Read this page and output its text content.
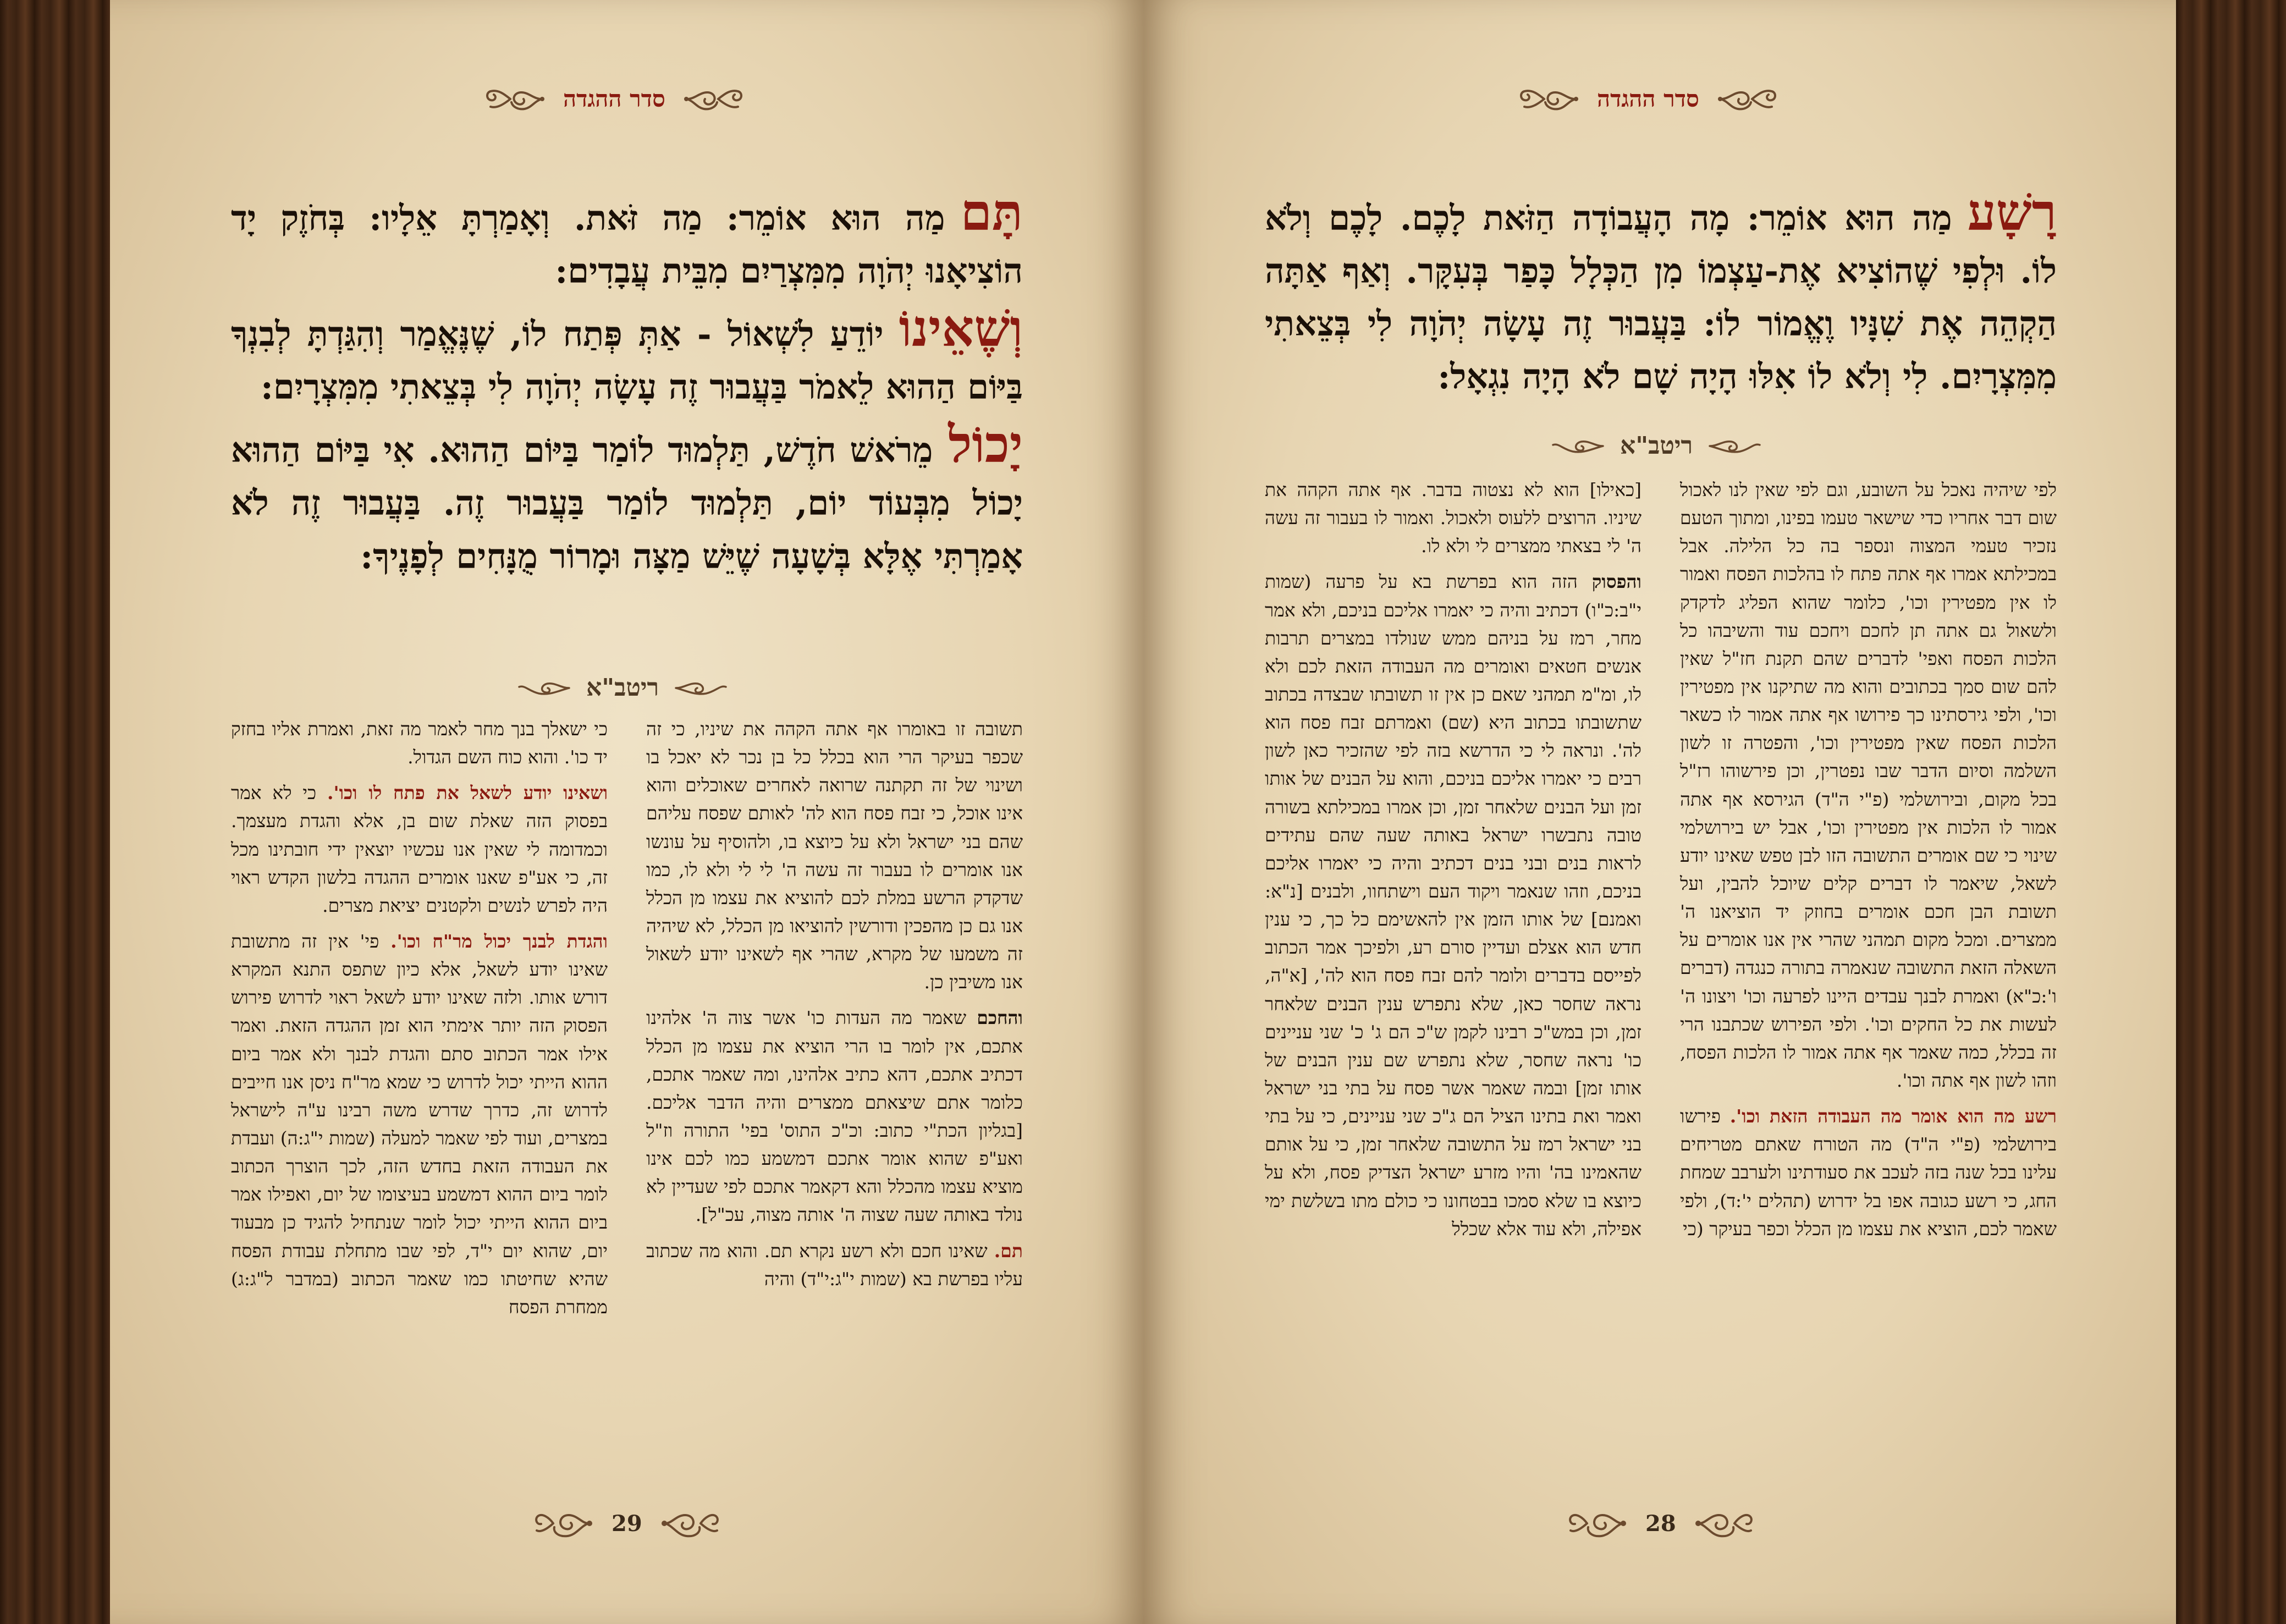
סדר ההגדה

תָּםמַה הוּא אוֹמֵר: מַה זֹּאת. וְאָמַרְתָּ אֵלָיו: בְּחֹזֶק יָד הוֹצִיאָנוּ יְהֹוָה מִמִּצְרַיִם מִבֵּית עֲבָדִים:

וְשֶׁאֵינוֹיוֹדֵעַ לִשְׁאוֹל - אַתְּ פְּתַח לוֹ, שֶׁנֶּאֱמַר וְהִגַּדְתָּ לְבִנְךָ בַּיּוֹם הַהוּא לֵאמֹר בַּעֲבוּר זֶה עָשָׂה יְהֹוָה לִי בְּצֵאתִי מִמִּצְרָיִם:

יָכוֹלמֵרֹאשׁ חֹדֶשׁ, תַּלְמוּד לוֹמַר בַּיּוֹם הַהוּא. אִי בַּיּוֹם הַהוּא יָכוֹל מִבְּעוֹד יוֹם, תַּלְמוּד לוֹמַר בַּעֲבוּר זֶה. בַּעֲבוּר זֶה לֹא אָמַרְתִּי אֶלָּא בְּשָׁעָה שֶׁיֵּשׁ מַצָּה וּמָרוֹר מֻנָּחִים לְפָנֶיךָ:

ריטב"א

תשובה זו באומרו אף אתה הקהה את שיניו, כי זה שכפר בעיקר הרי הוא בכלל כל בן נכר לא יאכל בו ושינוי של זה תקתנה שרואה לאחרים שאוכלים והוא אינו אוכל, כי זבח פסח הוא לה' לאותם שפסח עליהם שהם בני ישראל ולא על כיוצא בו, ולהוסיף על עונשו אנו אומרים לו בעבור זה עשה ה' לי לי ולא לו, כמו שדקדק הרשע במלת לכם להוציא את עצמו מן הכלל אנו גם כן מהפכין ודורשין להוציאו מן הכלל, לא שיהיה זה משמעו של מקרא, שהרי אף לשאינו יודע לשאול אנו משיבין כן.

והחכם שאמר מה העדות כו' אשר צוה ה' אלהינו אתכם, אין לומר בו הרי הוציא את עצמו מן הכלל דכתיב אתכם, דהא כתיב אלהינו, ומה שאמר אתכם, כלומר אתם שיצאתם ממצרים והיה הדבר אליכם. [בגליון הכת"י כתוב: וכ"כ התוס' בפי' התורה וז"ל ואע"פ שהוא אומר אתכם דמשמע כמו לכם אינו מוציא עצמו מהכלל והא דקאמר אתכם לפי שעדיין לא נולד באותה שעה שצוה ה' אותה מצוה, עכ"ל].

תם. שאינו חכם ולא רשע נקרא תם. והוא מה שכתוב עליו בפרשת בא (שמות י"ג:י"ד) והיה

כי ישאלך בנך מחר לאמר מה זאת, ואמרת אליו בחזק יד כו'. והוא כוח השם הגדול.

ושאינו יודע לשאל את פתח לו וכו'. כי לא אמר בפסוק הזה שאלת שום בן, אלא והגדת מעצמך. וכמדומה לי שאין אנו עכשיו יוצאין ידי חובתינו מכל זה, כי אע"פ שאנו אומרים ההגדה בלשון הקדש ראוי היה לפרש לנשים ולקטנים יציאת מצרים.

והגדת לבנך יכול מר"ח וכו'. פי' אין זה מתשובת שאינו יודע לשאל, אלא כיון שתפס התנא המקרא דורש אותו. ולזה שאינו יודע לשאל ראוי לדרוש פירוש הפסוק הזה יותר אימתי הוא זמן ההגדה הזאת. ואמר אילו אמר הכתוב סתם והגדת לבנך ולא אמר ביום ההוא הייתי יכול לדרוש כי שמא מר"ח ניסן אנו חייבים לדרוש זה, כדרך שדרש משה רבינו ע"ה לישראל במצרים, ועוד לפי שאמר למעלה (שמות י"ג:ה) ועבדת את העבודה הזאת בחדש הזה, לכך הוצרך הכתוב לומר ביום ההוא דמשמע בעיצומו של יום, ואפילו אמר ביום ההוא הייתי יכול לומר שנתחיל להגיד כן מבעוד יום, שהוא יום י"ד, לפי שבו מתחלת עבודת הפסח שהיא שחיטתו כמו שאמר הכתוב (במדבר ל"ג:ג) ממחרת הפסח

29
סדר ההגדה

רָשָׁעמַה הוּא אוֹמֵר: מָה הָעֲבוֹדָה הַזֹּאת לָכֶם. לָכֶם וְלֹא לוֹ. וּלְפִי שֶׁהוֹצִיא אֶת-עַצְמוֹ מִן הַכְּלָל כָּפַר בְּעִקָּר. וְאַף אַתָּה הַקְהֵה אֶת שִׁנָּיו וֶאֱמוֹר לוֹ: בַּעֲבוּר זֶה עָשָׂה יְהֹוָה לִי בְּצֵאתִי מִמִּצְרָיִם. לִי וְלֹא לוֹ אִלּוּ הָיָה שָׁם לֹא הָיָה נִגְאָל:

ריטב"א

לפי שיהיה נאכל על השובע, וגם לפי שאין לנו לאכול שום דבר אחריו כדי שישאר טעמו בפינו, ומתוך הטעם נזכיר טעמי המצוה ונספר בה כל הלילה. אבל במכילתא אמרו אף אתה פתח לו בהלכות הפסח ואמור לו אין מפטירין וכו', כלומר שהוא הפליג לדקדק ולשאול גם אתה תן לחכם ויחכם עוד והשיבהו כל הלכות הפסח ואפי' לדברים שהם תקנת חז"ל שאין להם שום סמך בכתובים והוא מה שתיקנו אין מפטירין וכו', ולפי גירסתינו כך פירושו אף אתה אמור לו כשאר הלכות הפסח שאין מפטירין וכו', והפטרה זו לשון השלמה וסיום הדבר שבו נפטרין, וכן פירשוהו רז"ל בכל מקום, ובירושלמי (פ"י ה"ד) הגירסא אף אתה אמור לו הלכות אין מפטירין וכו', אבל יש בירושלמי שינוי כי שם אומרים התשובה הזו לבן טפש שאינו יודע לשאל, שיאמר לו דברים קלים שיוכל להבין, ועל תשובת הבן חכם אומרים בחוזק יד הוציאנו ה' ממצרים. ומכל מקום תמהני שהרי אין אנו אומרים על השאלה הזאת התשובה שנאמרה בתורה כנגדה (דברים ו':כ"א) ואמרת לבנך עבדים היינו לפרעה וכו' ויצונו ה' לעשות את כל החקים וכו'. ולפי הפירוש שכתבנו הרי זה בכלל, כמה שאמר אף אתה אמור לו הלכות הפסח, וזהו לשון אף אתה וכו'.

רשע מה הוא אומר מה העבודה הזאת וכו'. פירשו בירושלמי (פ"י ה"ד) מה הטורח שאתם מטריחים עלינו בכל שנה בזה לעכב את סעודתינו ולערבב שמחת החג, כי רשע כגובה אפו בל ידרוש (תהלים י':ד), ולפי שאמר לכם, הוציא את עצמו מן הכלל וכפר בעיקר (כי

[כאילו] הוא לא נצטוה בדבר. אף אתה הקהה את שיניו. הרוצים ללעוס ולאכול. ואמור לו בעבור זה עשה ה' לי בצאתי ממצרים לי ולא לו.

והפסוק הזה הוא בפרשת בא על פרעה (שמות י"ב:כ"ו) דכתיב והיה כי יאמרו אליכם בניכם, ולא אמר מחר, רמז על בניהם ממש שנולדו במצרים תרבות אנשים חטאים ואומרים מה העבודה הזאת לכם ולא לו, ומ"מ תמהני שאם כן אין זו תשובתו שבצדה בכתוב שתשובתו בכתוב היא (שם) ואמרתם זבח פסח הוא לה'. ונראה לי כי הדרשא בזה לפי שהזכיר כאן לשון רבים כי יאמרו אליכם בניכם, והוא על הבנים של אותו זמן ועל הבנים שלאחר זמן, וכן אמרו במכילתא בשורה טובה נתבשרו ישראל באותה שעה שהם עתידים לראות בנים ובני בנים דכתיב והיה כי יאמרו אליכם בניכם, וזהו שנאמר ויקוד העם וישתחוו, ולבנים [נ"א: ואמנם] של אותו הזמן אין להאשימם כל כך, כי ענין חדש הוא אצלם ועדיין סורם רע, ולפיכך אמר הכתוב לפייסם בדברים ולומר להם זבח פסח הוא לה', [א"ה, נראה שחסר כאן, שלא נתפרש ענין הבנים שלאחר זמן, וכן במש"כ רבינו לקמן ש"כ הם ג' כ' שני עניינים כו' נראה שחסר, שלא נתפרש שם ענין הבנים של אותו זמן] ובמה שאמר אשר פסח על בתי בני ישראל ואמר ואת בתינו הציל הם ג"כ שני עניינים, כי על בתי בני ישראל רמז על התשובה שלאחר זמן, כי על אותם שהאמינו בה' והיו מזרע ישראל הצדיק פסח, ולא על כיוצא בו שלא סמכו בבטחונו כי כולם מתו בשלשת ימי אפילה, ולא עוד אלא שכלל

28
